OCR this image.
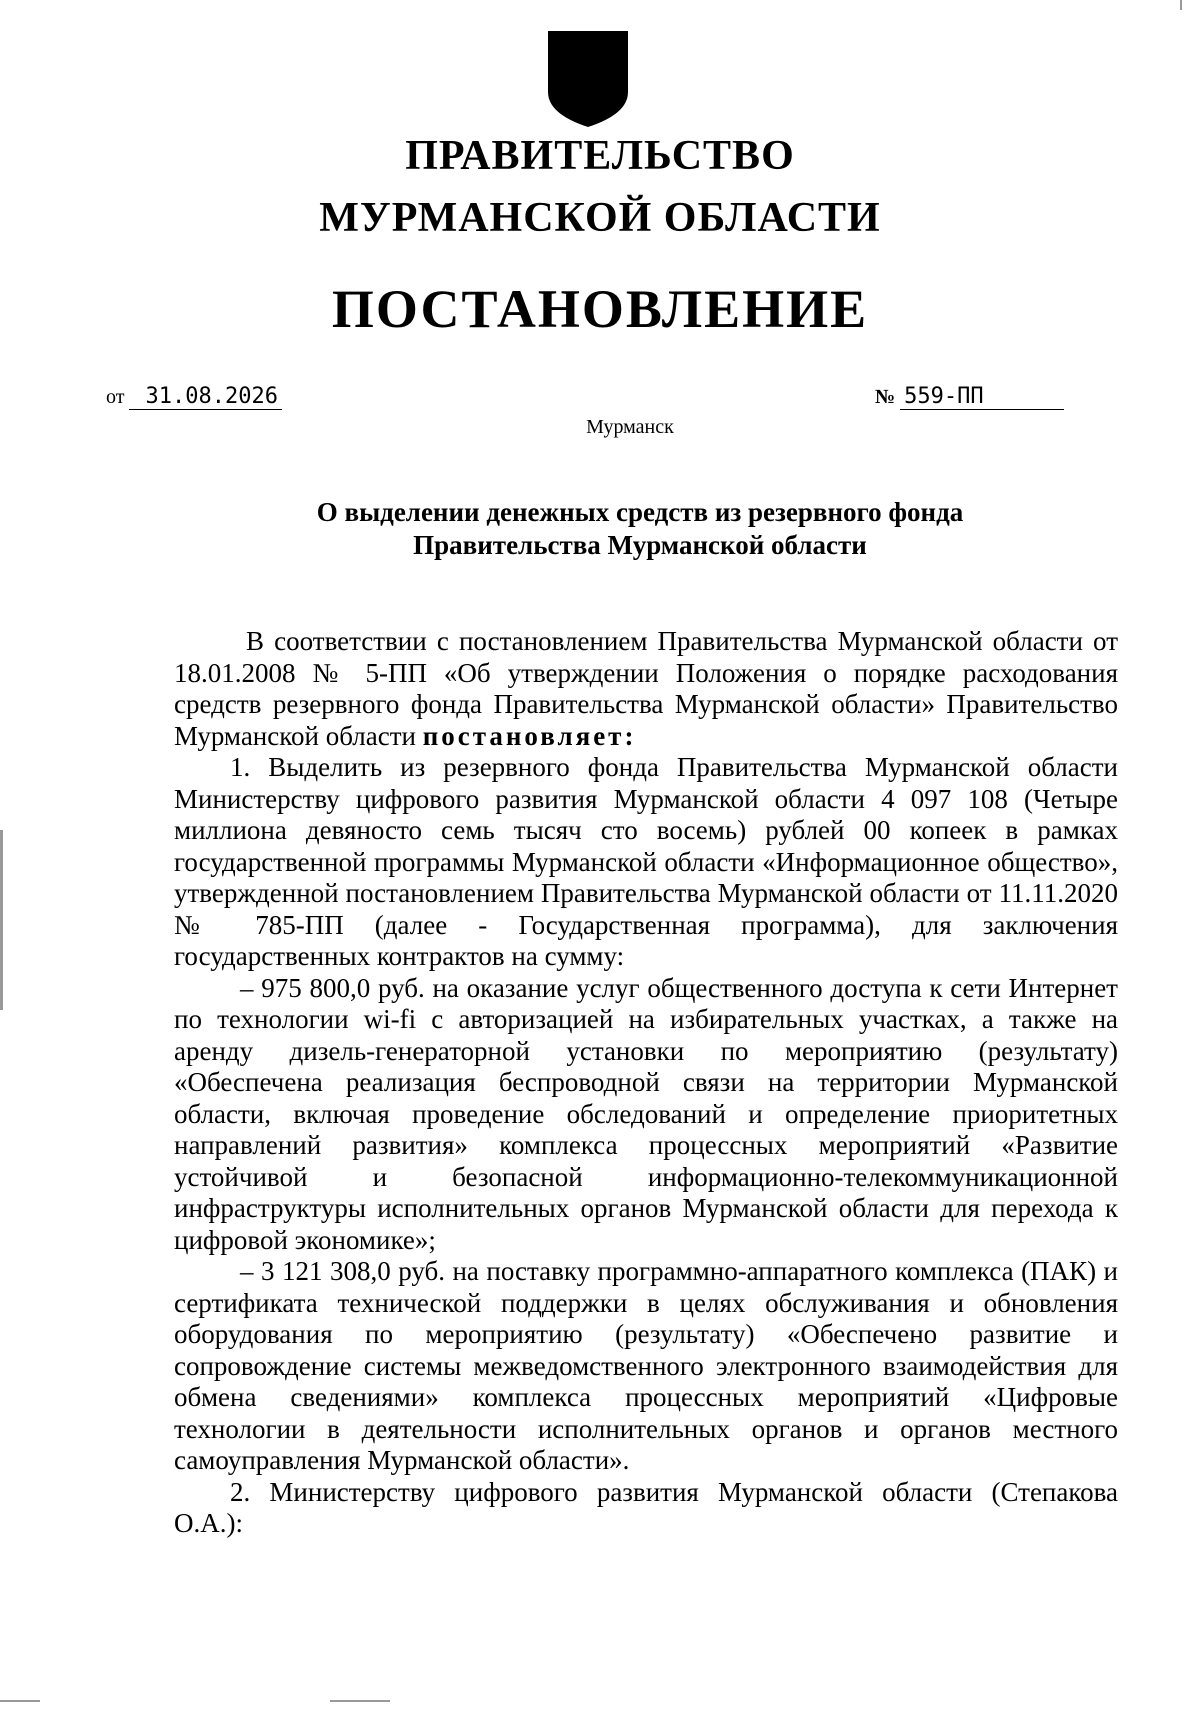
ПРАВИТЕЛЬСТВО
МУРМАНСКОЙ ОБЛАСТИ
ПОСТАНОВЛЕНИЕ
от 31.08.2026	№ 559-ПП
Мурманск
О выделении денежных средств из резервного фонда
Правительства Мурманской области

В соответствии с постановлением Правительства Мурманской области от 18.01.2008 № 5-ПП «Об утверждении Положения о порядке расходования средств резервного фонда Правительства Мурманской области» Правительство Мурманской области постановляет:

1. Выделить из резервного фонда Правительства Мурманской области Министерству цифрового развития Мурманской области 4 097 108 (Четыре миллиона девяносто семь тысяч сто восемь) рублей 00 копеек в рамках государственной программы Мурманской области «Информационное общество», утвержденной постановлением Правительства Мурманской области от 11.11.2020 № 785-ПП (далее - Государственная программа), для заключения государственных контрактов на сумму:

– 975 800,0 руб. на оказание услуг общественного доступа к сети Интернет по технологии wi-fi с авторизацией на избирательных участках, а также на аренду дизель-генераторной установки по мероприятию (результату) «Обеспечена реализация беспроводной связи на территории Мурманской области, включая проведение обследований и определение приоритетных направлений развития» комплекса процессных мероприятий «Развитие устойчивой и безопасной информационно-телекоммуникационной инфраструктуры исполнительных органов Мурманской области для перехода к цифровой экономике»;

– 3 121 308,0 руб. на поставку программно-аппаратного комплекса (ПАК) и сертификата технической поддержки в целях обслуживания и обновления оборудования по мероприятию (результату) «Обеспечено развитие и сопровождение системы межведомственного электронного взаимодействия для обмена сведениями» комплекса процессных мероприятий «Цифровые технологии в деятельности исполнительных органов и органов местного самоуправления Мурманской области».

2. Министерству цифрового развития Мурманской области (Степакова О.А.):
